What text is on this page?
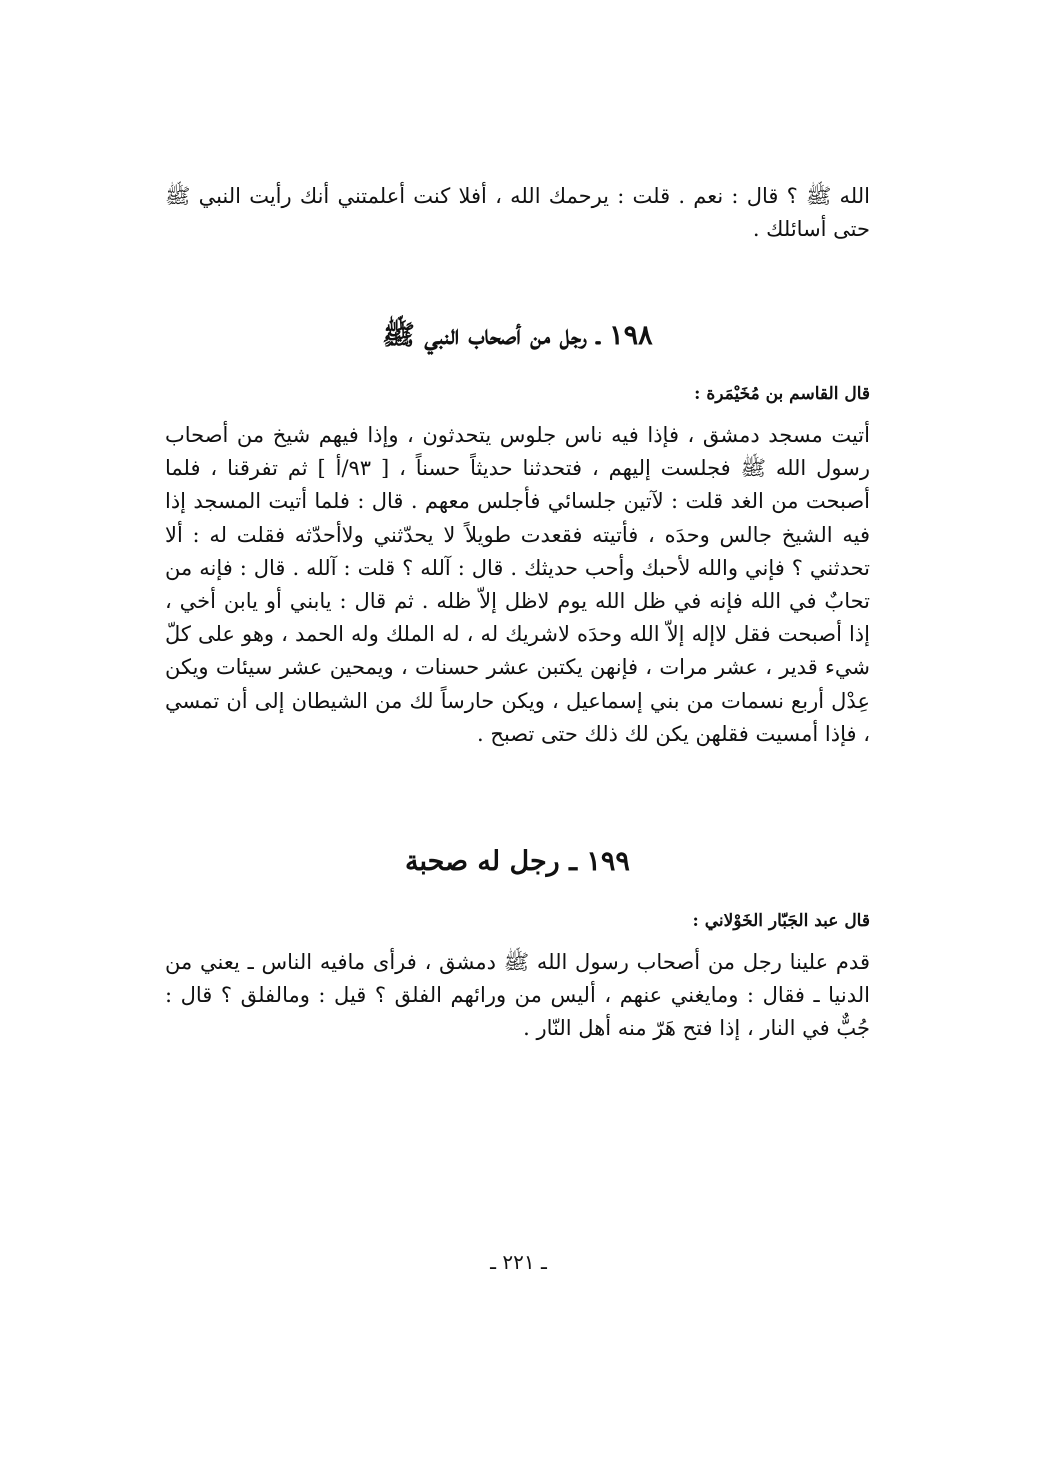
الله ﷺ ؟ قال : نعم . قلت : يرحمك الله ، أفلا كنت أعلمتني أنك رأيت النبي ﷺ حتى أسائلك .

١٩٨ ـ رجل من أصحاب النبي ﷺ

قال القاسم بن مُخَيْمَرة :

أتيت مسجد دمشق ، فإذا فيه ناس جلوس يتحدثون ، وإذا فيهم شيخ من أصحاب رسول الله ﷺ فجلست إليهم ، فتحدثنا حديثاً حسناً ، [ ٩٣/أ ] ثم تفرقنا ، فلما أصبحت من الغد قلت : لآتين جلسائي فأجلس معهم . قال : فلما أتيت المسجد إذا فيه الشيخ جالس وحدَه ، فأتيته فقعدت طويلاً لا يحدّثني ولاأحدّثه فقلت له : ألا تحدثني ؟ فإني والله لأحبك وأحب حديثك . قال : آلله ؟ قلت : آلله . قال : فإنه من تحابٌ في الله فإنه في ظل الله يوم لاظل إلاّ ظله . ثم قال : يابني أو يابن أخي ، إذا أصبحت فقل لاإله إلاّ الله وحدَه لاشريك له ، له الملك وله الحمد ، وهو على كلّ شيء قدير ، عشر مرات ، فإنهن يكتبن عشر حسنات ، ويمحين عشر سيئات ويكن عِدْل أربع نسمات من بني إسماعيل ، ويكن حارساً لك من الشيطان إلى أن تمسي ، فإذا أمسيت فقلهن يكن لك ذلك حتى تصبح .

١٩٩ ـ رجل له صحبة

قال عبد الجَبّار الخَوْلاني :

قدم علينا رجل من أصحاب رسول الله ﷺ دمشق ، فرأى مافيه الناس ـ يعني من الدنيا ـ فقال : ومايغني عنهم ، أليس من ورائهم الفلق ؟ قيل : ومالفلق ؟ قال : جُبٌّ في النار ، إذا فتح هَرّ منه أهل النّار .

ـ ٢٢١ ـ
